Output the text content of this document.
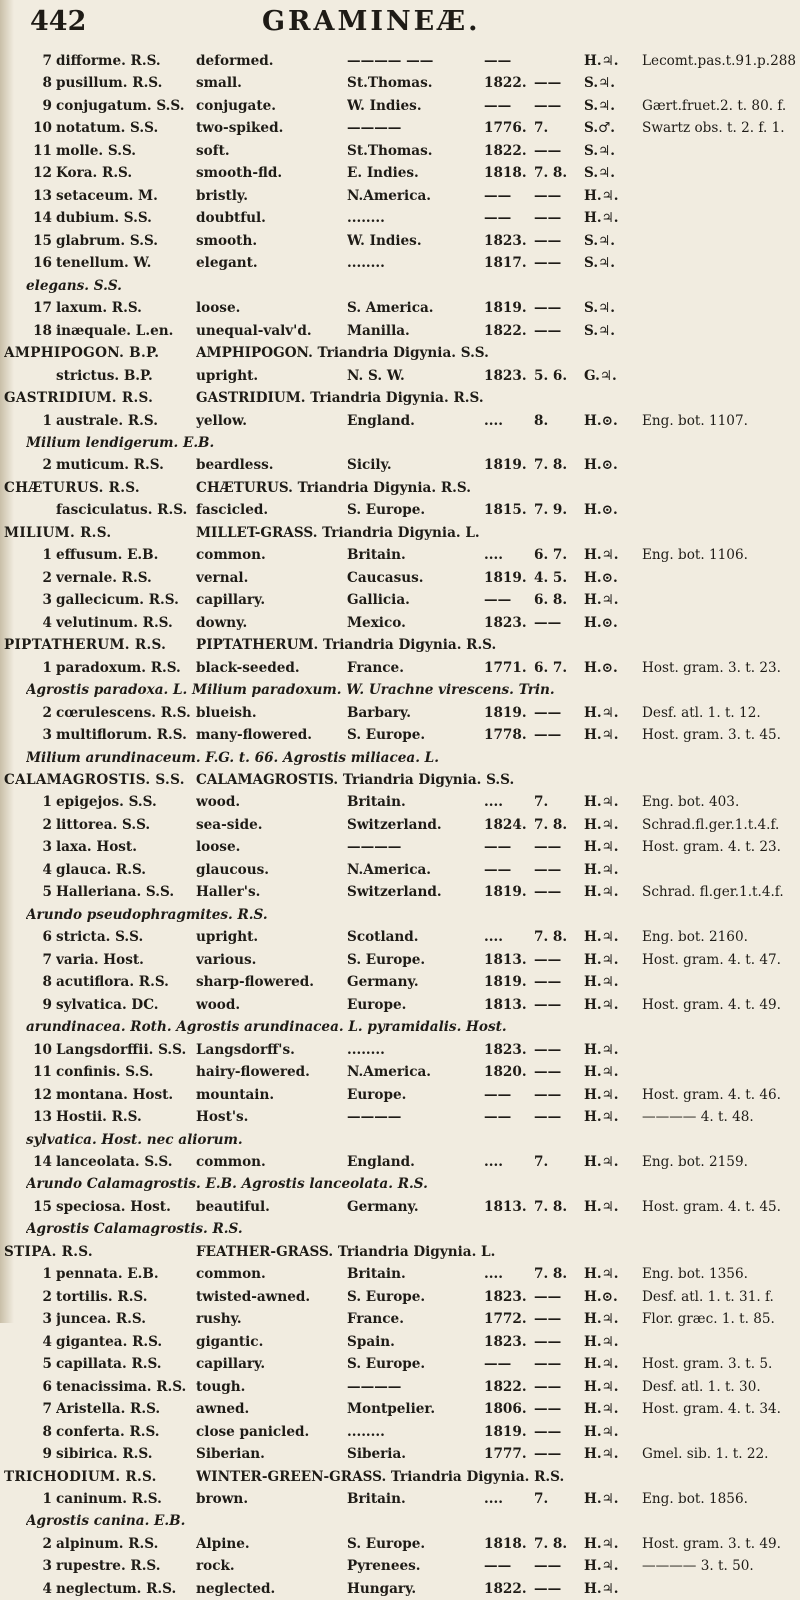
442	GRAMINEÆ.
7 difforme. R.S.	deformed.	———— ——	——	H.♃.	Lecomt.pas.t.91.p.288
8 pusillum. R.S.	small.	St.Thomas.	1822. ——	S.♃.
9 conjugatum. S.S. conjugate.	W. Indies.	——	——	S.♃.	Gært.fruet.2. t. 80. f.
10 notatum. S.S.	two-spiked.	————	1776. 7.	S.♂.	Swartz obs. t. 2. f. 1.
11 molle. S.S.	soft.	St.Thomas.	1822. ——	S.♃.
12 Kora. R.S.	smooth-fld.	E. Indies.	1818. 7. 8.	S.♃.
13 setaceum. M.	bristly.	N.America.	——	——	H.♃.
14 dubium. S.S.	doubtful.	........	——	——	H.♃.
15 glabrum. S.S.	smooth.	W. Indies.	1823. ——	S.♃.
16 tenellum. W.	elegant.	........	1817. ——	S.♃.
elegans. S.S.
17 laxum. R.S.	loose.	S. America.	1819. ——	S.♃.
18 inæquale. L.en.	unequal-valv'd.	Manilla.	1822. ——	S.♃.
AMPHIPOGON. B.P.	AMPHIPOGON. Triandria Digynia. S.S.
strictus. B.P.	upright.	N. S. W.	1823. 5. 6.	G.♃.
GASTRIDIUM. R.S.	GASTRIDIUM. Triandria Digynia. R.S.
1 australe. R.S.	yellow.	England.	....	8.	H.⊙.	Eng. bot. 1107.
Milium lendigerum. E.B.
2 muticum. R.S.	beardless.	Sicily.	1819. 7. 8.	H.⊙.
CHÆTURUS. R.S.	CHÆTURUS. Triandria Digynia. R.S.
fasciculatus. R.S. fascicled.	S. Europe.	1815. 7. 9.	H.⊙.
MILIUM. R.S.	MILLET-GRASS. Triandria Digynia. L.
1 effusum. E.B.	common.	Britain.	....	6. 7.	H.♃.	Eng. bot. 1106.
2 vernale. R.S.	vernal.	Caucasus.	1819. 4. 5.	H.⊙.
3 gallecicum. R.S.	capillary.	Gallicia.	——	6. 8.	H.♃.
4 velutinum. R.S.	downy.	Mexico.	1823. ——	H.⊙.
PIPTATHERUM. R.S.	PIPTATHERUM. Triandria Digynia. R.S.
1 paradoxum. R.S.	black-seeded.	France.	1771. 6. 7.	H.⊙.	Host. gram. 3. t. 23.
Agrostis paradoxa. L. Milium paradoxum. W. Urachne virescens. Trin.
2 cœrulescens. R.S. blueish.	Barbary.	1819. ——	H.♃.	Desf. atl. 1. t. 12.
3 multiflorum. R.S. many-flowered.	S. Europe.	1778. ——	H.♃.	Host. gram. 3. t. 45.
Milium arundinaceum. F.G. t. 66. Agrostis miliacea. L.
CALAMAGROSTIS. S.S. CALAMAGROSTIS. Triandria Digynia. S.S.
1 epigejos. S.S.	wood.	Britain.	....	7.	H.♃.	Eng. bot. 403.
2 littorea. S.S.	sea-side.	Switzerland.	1824. 7. 8.	H.♃.	Schrad.fl.ger.1.t.4.f.
3 laxa. Host.	loose.	————	——	——	H.♃.	Host. gram. 4. t. 23.
4 glauca. R.S.	glaucous.	N.America.	——	——	H.♃.
5 Halleriana. S.S.	Haller's.	Switzerland.	1819. ——	H.♃.	Schrad. fl.ger.1.t.4.f.
Arundo pseudophragmites. R.S.
6 stricta. S.S.	upright.	Scotland.	....	7. 8.	H.♃.	Eng. bot. 2160.
7 varia. Host.	various.	S. Europe.	1813. ——	H.♃.	Host. gram. 4. t. 47.
8 acutiflora. R.S.	sharp-flowered.	Germany.	1819. ——	H.♃.
9 sylvatica. DC.	wood.	Europe.	1813. ——	H.♃.	Host. gram. 4. t. 49.
arundinacea. Roth. Agrostis arundinacea. L. pyramidalis. Host.
10 Langsdorffii. S.S. Langsdorff's.	........	1823. ——	H.♃.
11 confinis. S.S.	hairy-flowered.	N.America.	1820. ——	H.♃.
12 montana. Host.	mountain.	Europe.	——	——	H.♃.	Host. gram. 4. t. 46.
13 Hostii. R.S.	Host's.	————	——	——	H.♃.	———— 4. t. 48.
sylvatica. Host. nec aliorum.
14 lanceolata. S.S.	common.	England.	....	7.	H.♃.	Eng. bot. 2159.
Arundo Calamagrostis. E.B. Agrostis lanceolata. R.S.
15 speciosa. Host.	beautiful.	Germany.	1813. 7. 8.	H.♃.	Host. gram. 4. t. 45.
Agrostis Calamagrostis. R.S.
STIPA. R.S.	FEATHER-GRASS. Triandria Digynia. L.
1 pennata. E.B.	common.	Britain.	....	7. 8.	H.♃.	Eng. bot. 1356.
2 tortilis. R.S.	twisted-awned.	S. Europe.	1823. ——	H.⊙.	Desf. atl. 1. t. 31. f.
3 juncea. R.S.	rushy.	France.	1772. ——	H.♃.	Flor. græc. 1. t. 85.
4 gigantea. R.S.	gigantic.	Spain.	1823. ——	H.♃.
5 capillata. R.S.	capillary.	S. Europe.	——	——	H.♃.	Host. gram. 3. t. 5.
6 tenacissima. R.S. tough.	————	1822. ——	H.♃.	Desf. atl. 1. t. 30.
7 Aristella. R.S.	awned.	Montpelier.	1806. ——	H.♃.	Host. gram. 4. t. 34.
8 conferta. R.S.	close panicled.	........	1819. ——	H.♃.
9 sibirica. R.S.	Siberian.	Siberia.	1777. ——	H.♃.	Gmel. sib. 1. t. 22.
TRICHODIUM. R.S.	WINTER-GREEN-GRASS. Triandria Digynia. R.S.
1 caninum. R.S.	brown.	Britain.	....	7.	H.♃.	Eng. bot. 1856.
Agrostis canina. E.B.
2 alpinum. R.S.	Alpine.	S. Europe.	1818. 7. 8.	H.♃.	Host. gram. 3. t. 49.
3 rupestre. R.S.	rock.	Pyrenees.	——	——	H.♃.	———— 3. t. 50.
4 neglectum. R.S.	neglected.	Hungary.	1822. ——	H.♃.
